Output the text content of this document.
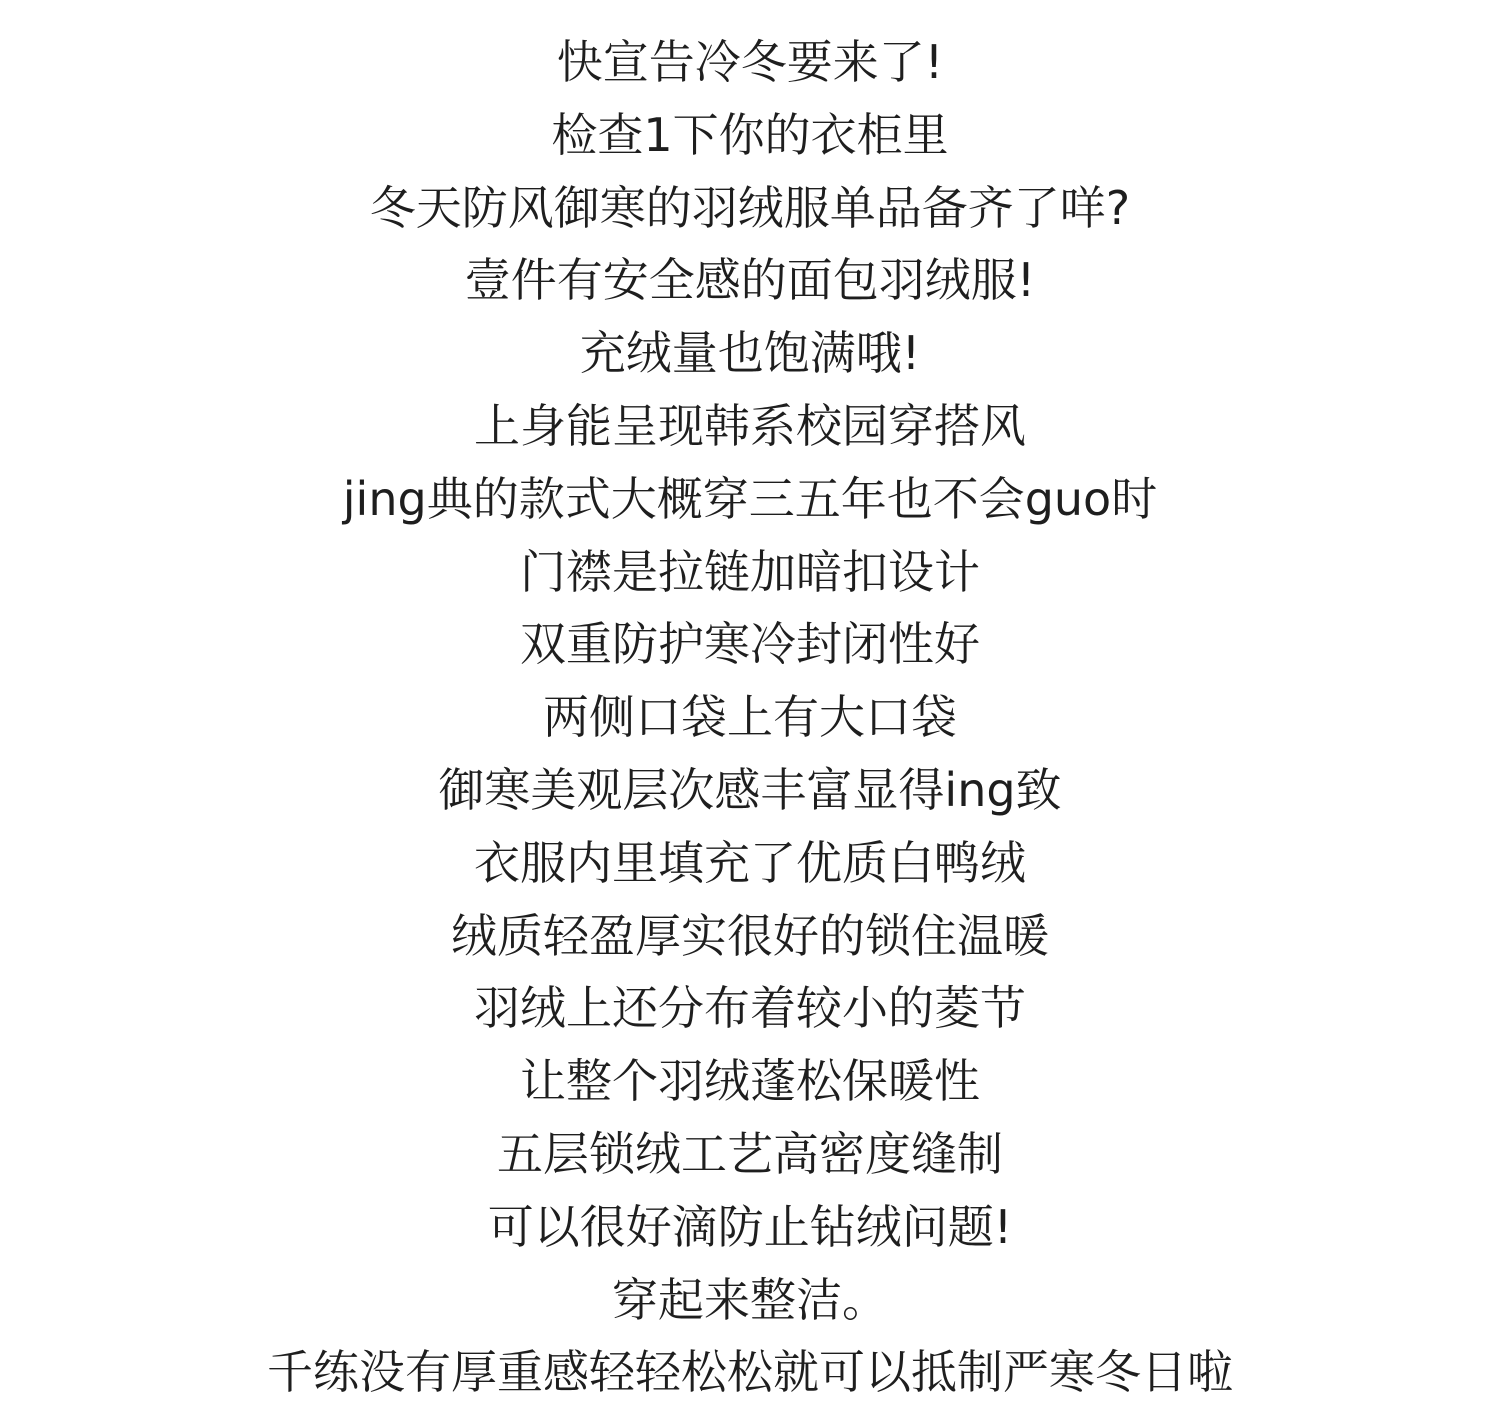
快宣告冷冬要来了!
检查1下你的衣柜里
冬天防风御寒的羽绒服单品备齐了咩?
壹件有安全感的面包羽绒服!
充绒量也饱满哦!
上身能呈现韩系校园穿搭风
jing典的款式大概穿三五年也不会guo时
门襟是拉链加暗扣设计
双重防护寒冷封闭性好
两侧口袋上有大口袋
御寒美观层次感丰富显得ing致
衣服内里填充了优质白鸭绒
绒质轻盈厚实很好的锁住温暖
羽绒上还分布着较小的菱节
让整个羽绒蓬松保暖性
五层锁绒工艺高密度缝制
可以很好滴防止钻绒问题!
穿起来整洁。
千练没有厚重感轻轻松松就可以抵制严寒冬日啦
